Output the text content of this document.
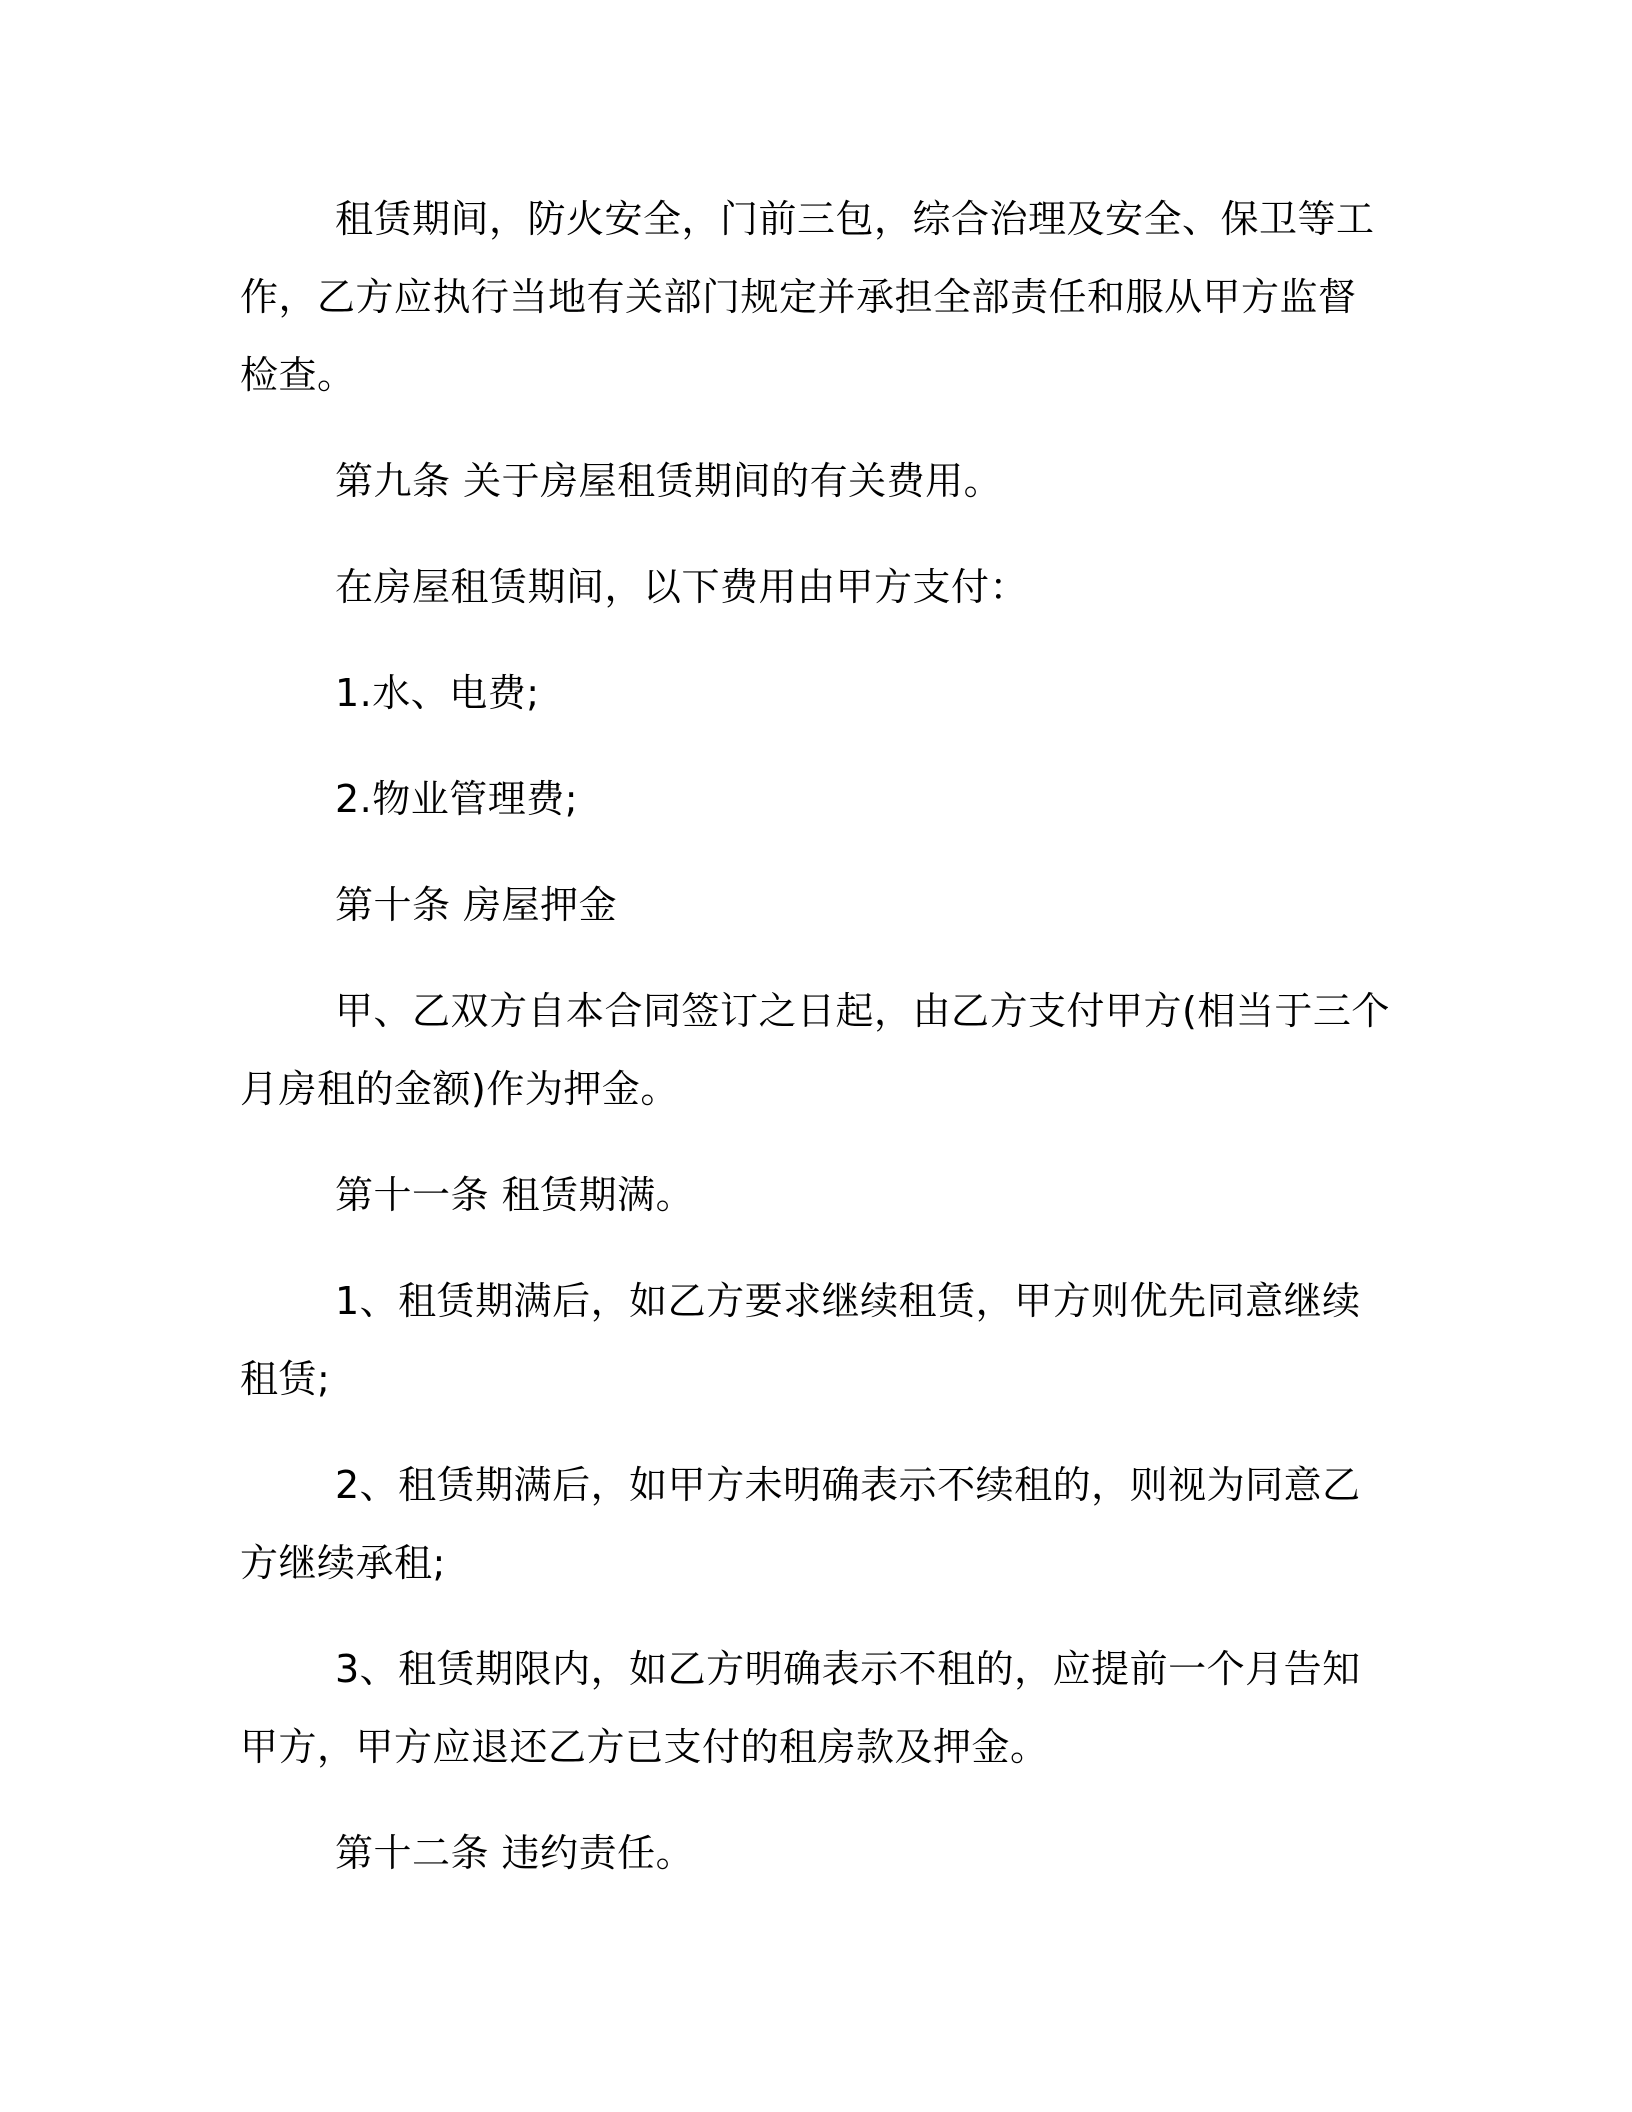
租赁期间，防火安全，门前三包，综合治理及安全、保卫等工作，乙方应执行当地有关部门规定并承担全部责任和服从甲方监督检查。

第九条 关于房屋租赁期间的有关费用。

在房屋租赁期间，以下费用由甲方支付：

1.水、电费;

2.物业管理费;

第十条 房屋押金

甲、乙双方自本合同签订之日起，由乙方支付甲方(相当于三个月房租的金额)作为押金。

第十一条 租赁期满。

1、租赁期满后，如乙方要求继续租赁，甲方则优先同意继续租赁;

2、租赁期满后，如甲方未明确表示不续租的，则视为同意乙方继续承租;

3、租赁期限内，如乙方明确表示不租的，应提前一个月告知甲方，甲方应退还乙方已支付的租房款及押金。

第十二条 违约责任。
